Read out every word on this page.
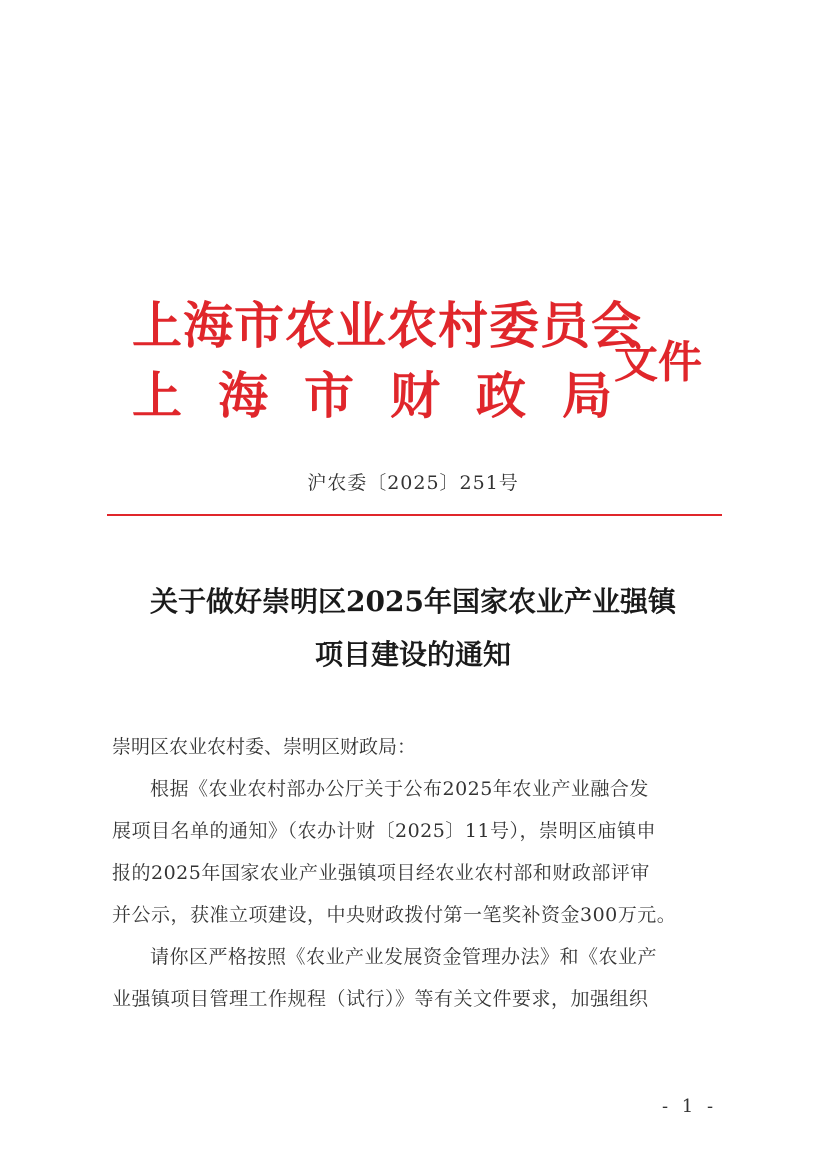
上海市农业农村委员会
上 海 市 财 政 局
文件
沪农委〔2025〕251号
关于做好崇明区2025年国家农业产业强镇
项目建设的通知
崇明区农业农村委、崇明区财政局：
根据《农业农村部办公厅关于公布2025年农业产业融合发
展项目名单的通知》（农办计财〔2025〕11号），崇明区庙镇申
报的2025年国家农业产业强镇项目经农业农村部和财政部评审
并公示，获准立项建设，中央财政拨付第一笔奖补资金300万元。
请你区严格按照《农业产业发展资金管理办法》和《农业产
业强镇项目管理工作规程（试行）》等有关文件要求，加强组织
- 1 -
